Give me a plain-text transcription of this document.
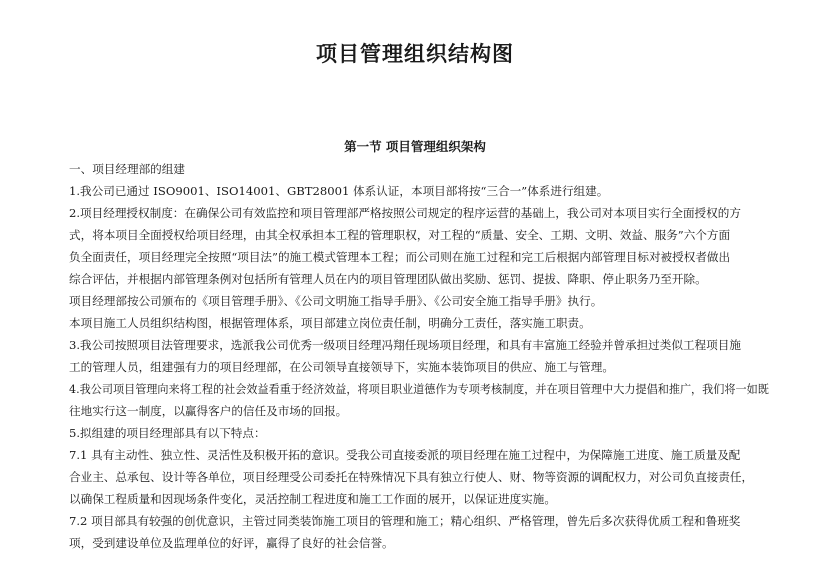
项目管理组织结构图
第一节 项目管理组织架构

一、项目经理部的组建

1.我公司已通过 ISO9001、ISO14001、GBT28001 体系认证，本项目部将按“三合一”体系进行组建。

2.项目经理授权制度：在确保公司有效监控和项目管理部严格按照公司规定的程序运营的基础上，我公司对本项目实行全面授权的方

式，将本项目全面授权给项目经理，由其全权承担本工程的管理职权，对工程的“质量、安全、工期、文明、效益、服务”六个方面

负全面责任，项目经理完全按照“项目法”的施工模式管理本工程；而公司则在施工过程和完工后根据内部管理目标对被授权者做出

综合评估，并根据内部管理条例对包括所有管理人员在内的项目管理团队做出奖励、惩罚、提拔、降职、停止职务乃至开除。

项目经理部按公司颁布的《项目管理手册》、《公司文明施工指导手册》、《公司安全施工指导手册》执行。

本项目施工人员组织结构图，根据管理体系，项目部建立岗位责任制，明确分工责任，落实施工职责。

3.我公司按照项目法管理要求，选派我公司优秀一级项目经理冯翔任现场项目经理，和具有丰富施工经验并曾承担过类似工程项目施

工的管理人员，组建强有力的项目经理部，在公司领导直接领导下，实施本装饰项目的供应、施工与管理。

4.我公司项目管理向来将工程的社会效益看重于经济效益，将项目职业道德作为专项考核制度，并在项目管理中大力提倡和推广，我们将一如既

往地实行这一制度，以赢得客户的信任及市场的回报。

5.拟组建的项目经理部具有以下特点：

7.1 具有主动性、独立性、灵活性及积极开拓的意识。受我公司直接委派的项目经理在施工过程中，为保障施工进度、施工质量及配

合业主、总承包、设计等各单位，项目经理受公司委托在特殊情况下具有独立行使人、财、物等资源的调配权力，对公司负直接责任，

以确保工程质量和因现场条件变化，灵活控制工程进度和施工工作面的展开，以保证进度实施。

7.2 项目部具有较强的创优意识，主管过同类装饰施工项目的管理和施工；精心组织、严格管理，曾先后多次获得优质工程和鲁班奖

项，受到建设单位及监理单位的好评，赢得了良好的社会信誉。
